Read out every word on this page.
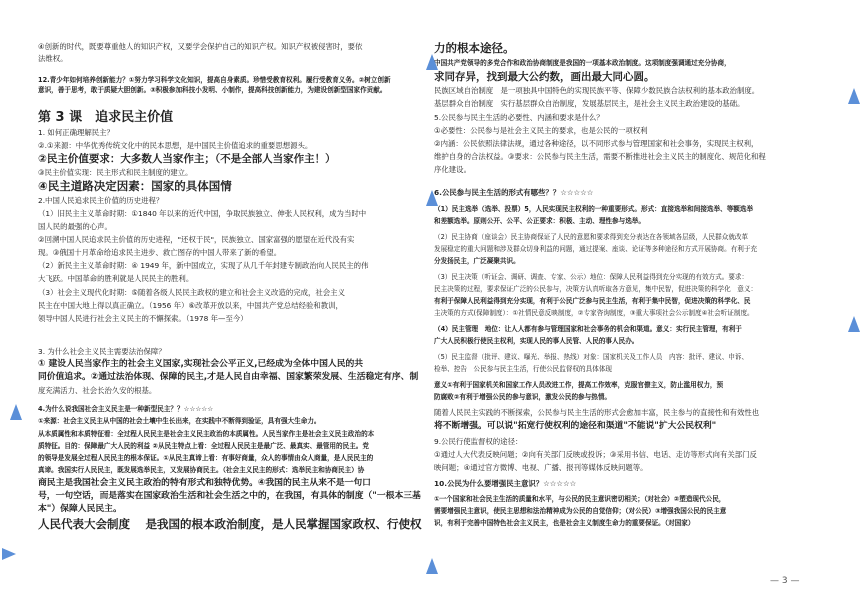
④创新的时代，既要尊重他人的知识产权，又要学会保护自己的知识产权。知识产权被侵害时，要依
法维权。
12.青少年如何培养创新能力？①努力学习科学文化知识，提高自身素质。珍惜受教育权利。履行受教育义务。②树立创新
意识，善于思考，敢于质疑大胆创新。③积极参加科技小发明、小制作，提高科技创新能力，为建设创新型国家作贡献。
第 3 课　追求民主价值
1. 如何正确理解民主？
②.①来源：中华优秀传统文化中的民本思想，是中国民主价值追求的重要思想源头。
②民主价值要求：大多数人当家作主；（不是全部人当家作主！）
③民主价值实现：民主形式和民主制度的建立。
④民主道路决定因素：国家的具体国情
2.中国人民追求民主价值的历史进程？
（1）旧民主主义革命时期：①1840 年以来的近代中国，争取民族独立、伸张人民权利，成为当时中
国人民的最强的心声。
②回溯中国人民追求民主价值的历史进程，"还权于民"，民族独立、国家富强的愿望在近代没有实
现。③俄国十月革命给追求民主进步、救亡图存的中国人带来了新的希望。
（2）新民主主义革命时期：④ 1949 年，新中国成立，实现了从几千年封建专制政治向人民民主的伟
大飞跃。中国革命的胜利就是人民民主的胜利。
（3）社会主义现代化时期：⑤随着各级人民民主政权的建立和社会主义改造的完成，社会主义
民主在中国大地上得以真正确立。（1956 年）⑥改革开放以来，中国共产党总结经验和教训，
领导中国人民进行社会主义民主的不懈探索。（1978 年—至今）
3. 为什么社会主义民主需要法治保障？
① 建设人民当家作主的社会主义国家,实现社会公平正义,已经成为全体中国人民的共
同价值追求。②通过法治体现、保障的民主,才是人民自由幸福、国家繁荣发展、生活稳定有序、制
度充满活力、社会长治久安的根基。
4.为什么说我国社会主义民主是一种新型民主？？☆☆☆☆☆
①来源：社会主义民主从中国的社会土壤中生长出来，在实践中不断得到验证，具有强大生命力。
从本质属性和本质特征看：全过程人民民主是社会主义民主政治的本质属性。人民当家作主是社会主义民主政治的本
质特征。目的：保障最广大人民的利益 ②从民主特点上看：全过程人民民主是最广泛、最真实、最管用的民主。党
的领导是发展全过程人民民主的根本保证。①从民主真谛上看：有事好商量，众人的事情由众人商量，是人民民主的
真谛。我国实行人民民主，既发展选举民主，又发展协商民主。（社会主义民主的形式：选举民主和协商民主）协
商民主是我国社会主义民主政治的特有形式和独特优势。④我国的民主从来不是一句口
号，一句空话，而是落实在国家政治生活和社会生活之中的，在我国，有具体的制度（"一根本三基
本"）保障人民民主。
人民代表大会制度　 是我国的根本政治制度，是人民掌握国家政权、行使权
力的根本途径。
中国共产党领导的多党合作和政治协商制度是我国的一项基本政治制度。这项制度强调通过充分协商，
求同存异，找到最大公约数，画出最大同心圆。
民族区域自治制度　是一项独具中国特色的实现民族平等、保障少数民族合法权利的基本政治制度。
基层群众自治制度　实行基层群众自治制度，发展基层民主，是社会主义民主政治建设的基础。
5.公民参与民主生活的必要性、内涵和要求是什么？
①必要性：公民参与是社会主义民主的要求，也是公民的一项权利
②内涵：公民依照法律法规，通过各种途径，以不同形式参与管理国家和社会事务，实现民主权利，
维护自身的合法权益。③要求：公民参与民主生活，需要不断推进社会主义民主的制度化、规范化和程
序化建设。
6.公民参与民主生活的形式有哪些？？☆☆☆☆☆
（1）民主选举（选举、投票）5，人民实现民主权利的一种重要形式。形式：直接选举和间接选举、等额选举
和差额选举。原则公开、公平、公正要求：积极、主动、理性参与选举。
（2）民主协商（座谈会）民主协商保证了人民的意愿和要求得到充分表达在各领域各层级，人民群众就改革
发展稳定的重大问题和涉及群众切身利益的问题，通过提案、座谈、论证等多种途径和方式开展协商。有利于充
分发扬民主，广泛凝聚共识。
（3）民主决策（听证会、调研、调查、专家、公示）地位：保障人民利益得到充分实现的有效方式。要求：
民主决策的过程，要求保证广泛的公民参与，决策方认真听取各方意见，集中民智，促进决策的科学化　意义：
有利于保障人民利益得到充分实现，有利于公民广泛参与民主生活，有利于集中民智，促进决策的科学化、民
主决策的方式(保障制度）：①社情民意反映制度，②专家咨询制度，③重大事项社会公示制度④社会听证制度。
（4）民主管理　地位：让人人都有参与管理国家和社会事务的机会和渠道。意义：实行民主管理，有利于
广大人民积极行使民主权利，实现人民的事人民管、人民的事人民办。
（5）民主监督（批评、建议、曝光、举报、热线）对象：国家机关及工作人员　内容：批评、建议、申诉、
检举、控告　公民参与民主生活，行使公民监督权的具体体现
意义①有利于国家机关和国家工作人员改进工作，提高工作效率，克服官僚主义，防止滥用权力，预
防腐败②有利于增强公民的参与意识，激发公民的参与热情。
随着人民民主实践的不断探索，公民参与民主生活的形式会愈加丰富，民主参与的直接性和有效性也
将不断增强。可以说"拓宽行使权利的途径和渠道"不能说"扩大公民权利"
9.公民行使监督权的途径：
①通过人大代表反映问题；②向有关部门反映或投诉；③采用书信、电话、走访等形式向有关部门反
映问题；④通过官方微博、电视、广播、报刊等媒体反映问题等。
10.公民为什么要增强民主意识？☆☆☆☆☆
①一个国家和社会民主生活的质量和水平，与公民的民主意识密切相关；（对社会）②塑造现代公民，
需要增强民主意识，使民主思想和法治精神成为公民的自觉信仰；（对公民）③增强我国公民的民主意
识，有利于完善中国特色社会主义民主，也是社会主义制度生命力的重要保证。（对国家）
— 3 —
